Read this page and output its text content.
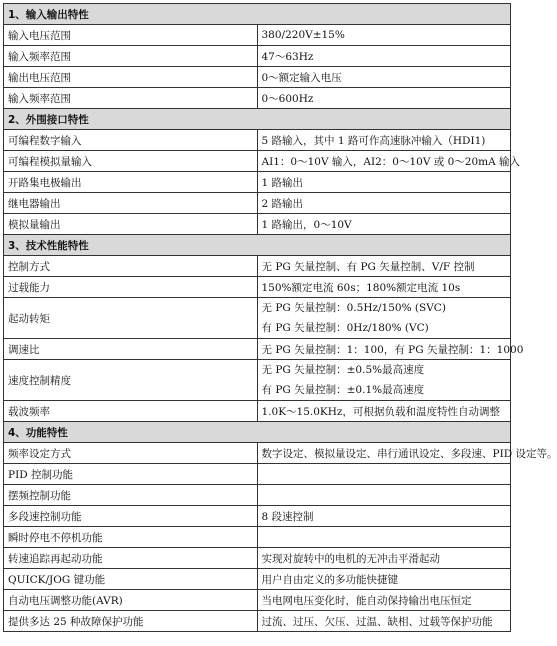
1、输入输出特性	
输入电压范围	380/220V±15%
输入频率范围	47～63Hz
输出电压范围	0～额定输入电压
输入频率范围	0～600Hz
2、外围接口特性	
可编程数字输入	5 路输入，其中 1 路可作高速脉冲输入（HDI1)
可编程模拟量输入	AI1：0～10V 输入，AI2：0～10V 或 0～20mA 输入
开路集电极输出	1 路输出
继电器输出	2 路输出
模拟量输出	1 路输出，0～10V
3、技术性能特性	
控制方式	无 PG 矢量控制、有 PG 矢量控制、V/F 控制
过载能力	150%额定电流 60s；180%额定电流 10s
起动转矩	无 PG 矢量控制：0.5Hz/150% (SVC)
有 PG 矢量控制：0Hz/180% (VC)

调速比	无 PG 矢量控制：1：100，有 PG 矢量控制：1：1000
速度控制精度	无 PG 矢量控制：±0.5%最高速度
有 PG 矢量控制：±0.1%最高速度

载波频率	1.0K～15.0KHz，可根据负载和温度特性自动调整
4、功能特性	
频率设定方式	数字设定、模拟量设定、串行通讯设定、多段速、PID 设定等。
PID 控制功能	
摆频控制功能	
多段速控制功能	8 段速控制
瞬时停电不停机功能	
转速追踪再起动功能	实现对旋转中的电机的无冲击平滑起动
QUICK/JOG 键功能	用户自由定义的多功能快捷键
自动电压调整功能(AVR)	当电网电压变化时，能自动保持输出电压恒定
提供多达 25 种故障保护功能	过流、过压、欠压、过温、缺相、过载等保护功能
